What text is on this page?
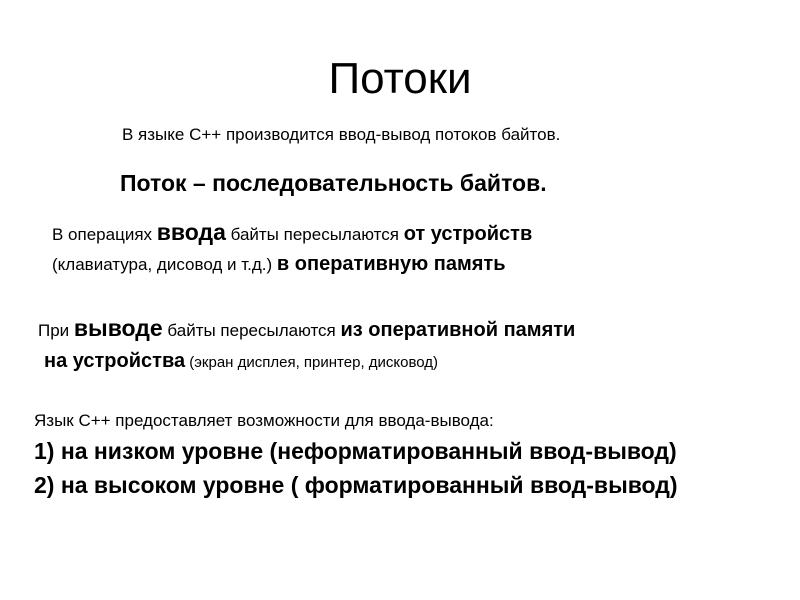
Потоки
В языке С++ производится ввод-вывод потоков байтов.
Поток – последовательность байтов.
В операциях ввода байты пересылаются от устройств
(клавиатура, дисовод и т.д.) в оперативную память
При выводе байты пересылаются из оперативной памяти
на устройства (экран дисплея, принтер, дисковод)
Язык С++ предоставляет возможности для ввода-вывода:
1) на низком уровне (неформатированный ввод-вывод)
2) на высоком уровне ( форматированный ввод-вывод)
